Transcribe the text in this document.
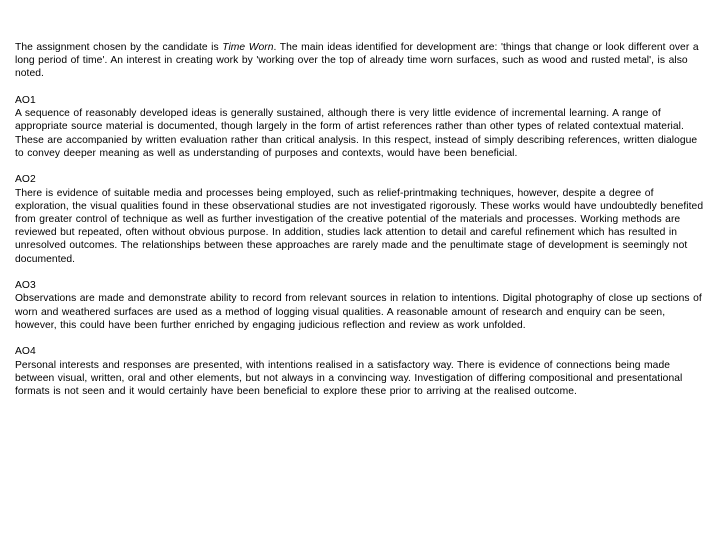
The assignment chosen by the candidate is Time Worn. The main ideas identified for development are: 'things that change or look different over a long period of time'. An interest in creating work by 'working over the top of already time worn surfaces, such as wood and rusted metal', is also noted.

AO1
A sequence of reasonably developed ideas is generally sustained, although there is very little evidence of incremental learning. A range of appropriate source material is documented, though largely in the form of artist references rather than other types of related contextual material. These are accompanied by written evaluation rather than critical analysis. In this respect, instead of simply describing references, written dialogue to convey deeper meaning as well as understanding of purposes and contexts, would have been beneficial.
AO2
There is evidence of suitable media and processes being employed, such as relief-printmaking techniques, however, despite a degree of exploration, the visual qualities found in these observational studies are not investigated rigorously. These works would have undoubtedly benefited from greater control of technique as well as further investigation of the creative potential of the materials and processes. Working methods are reviewed but repeated, often without obvious purpose. In addition, studies lack attention to detail and careful refinement which has resulted in unresolved outcomes. The relationships between these approaches are rarely made and the penultimate stage of development is seemingly not documented.
AO3
Observations are made and demonstrate ability to record from relevant sources in relation to intentions. Digital photography of close up sections of worn and weathered surfaces are used as a method of logging visual qualities. A reasonable amount of research and enquiry can be seen, however, this could have been further enriched by engaging judicious reflection and review as work unfolded.
AO4
Personal interests and responses are presented, with intentions realised in a satisfactory way. There is evidence of connections being made between visual, written, oral and other elements, but not always in a convincing way. Investigation of differing compositional and presentational formats is not seen and it would certainly have been beneficial to explore these prior to arriving at the realised outcome.
